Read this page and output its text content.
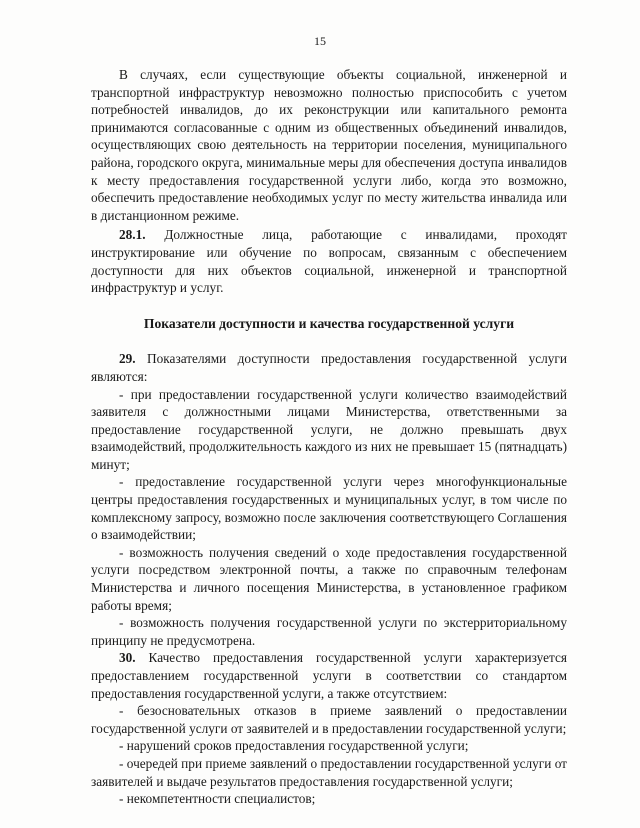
15

В случаях, если существующие объекты социальной, инженерной и транспортной инфраструктур невозможно полностью приспособить с учетом потребностей инвалидов, до их реконструкции или капитального ремонта принимаются согласованные с одним из общественных объединений инвалидов, осуществляющих свою деятельность на территории поселения, муниципального района, городского округа, минимальные меры для обеспечения доступа инвалидов к месту предоставления государственной услуги либо, когда это возможно, обеспечить предоставление необходимых услуг по месту жительства инвалида или в дистанционном режиме.

28.1. Должностные лица, работающие с инвалидами, проходят инструктирование или обучение по вопросам, связанным с обеспечением доступности для них объектов социальной, инженерной и транспортной инфраструктур и услуг.

Показатели доступности и качества государственной услуги

29. Показателями доступности предоставления государственной услуги являются:

- при предоставлении государственной услуги количество взаимодействий заявителя с должностными лицами Министерства, ответственными за предоставление государственной услуги, не должно превышать двух взаимодействий, продолжительность каждого из них не превышает 15 (пятнадцать) минут;

- предоставление государственной услуги через многофункциональные центры предоставления государственных и муниципальных услуг, в том числе по комплексному запросу, возможно после заключения соответствующего Соглашения о взаимодействии;

- возможность получения сведений о ходе предоставления государственной услуги посредством электронной почты, а также по справочным телефонам Министерства и личного посещения Министерства, в установленное графиком работы время;

- возможность получения государственной услуги по экстерриториальному принципу не предусмотрена.

30. Качество предоставления государственной услуги характеризуется предоставлением государственной услуги в соответствии со стандартом предоставления государственной услуги, а также отсутствием:

- безосновательных отказов в приеме заявлений о предоставлении государственной услуги от заявителей и в предоставлении государственной услуги;

- нарушений сроков предоставления государственной услуги;

- очередей при приеме заявлений о предоставлении государственной услуги от заявителей и выдаче результатов предоставления государственной услуги;

- некомпетентности специалистов;
